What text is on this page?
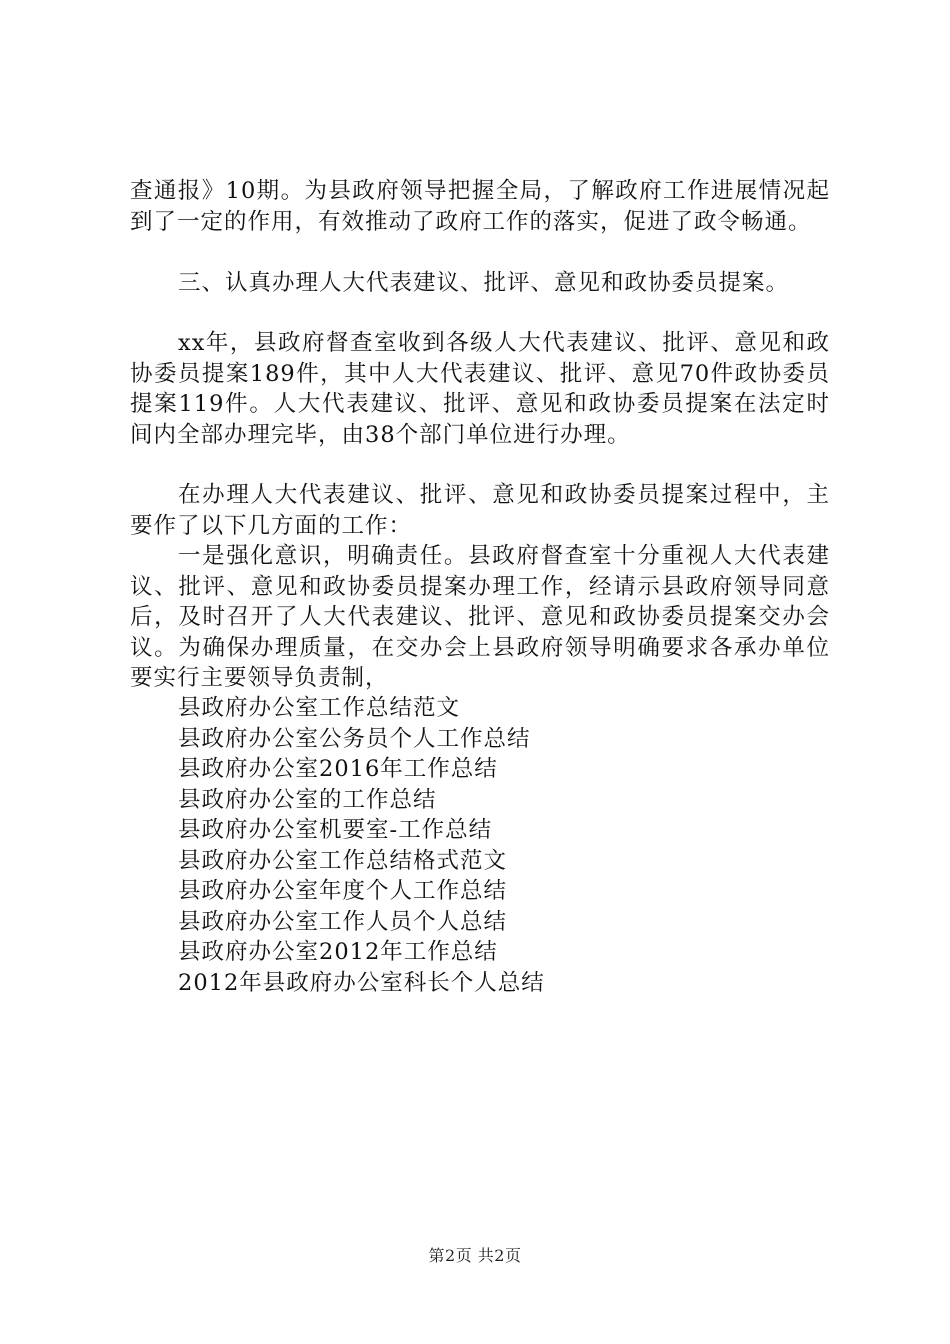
查通报》10期。为县政府领导把握全局，了解政府工作进展情况起到了一定的作用，有效推动了政府工作的落实，促进了政令畅通。

三、认真办理人大代表建议、批评、意见和政协委员提案。

xx年，县政府督查室收到各级人大代表建议、批评、意见和政协委员提案189件，其中人大代表建议、批评、意见70件政协委员提案119件。人大代表建议、批评、意见和政协委员提案在法定时间内全部办理完毕，由38个部门单位进行办理。

在办理人大代表建议、批评、意见和政协委员提案过程中，主要作了以下几方面的工作：

一是强化意识，明确责任。县政府督查室十分重视人大代表建议、批评、意见和政协委员提案办理工作，经请示县政府领导同意后，及时召开了人大代表建议、批评、意见和政协委员提案交办会议。为确保办理质量，在交办会上县政府领导明确要求各承办单位要实行主要领导负责制，

县政府办公室工作总结范文
县政府办公室公务员个人工作总结
县政府办公室2016年工作总结
县政府办公室的工作总结
县政府办公室机要室-工作总结
县政府办公室工作总结格式范文
县政府办公室年度个人工作总结
县政府办公室工作人员个人总结
县政府办公室2012年工作总结
2012年县政府办公室科长个人总结
第2页 共2页
